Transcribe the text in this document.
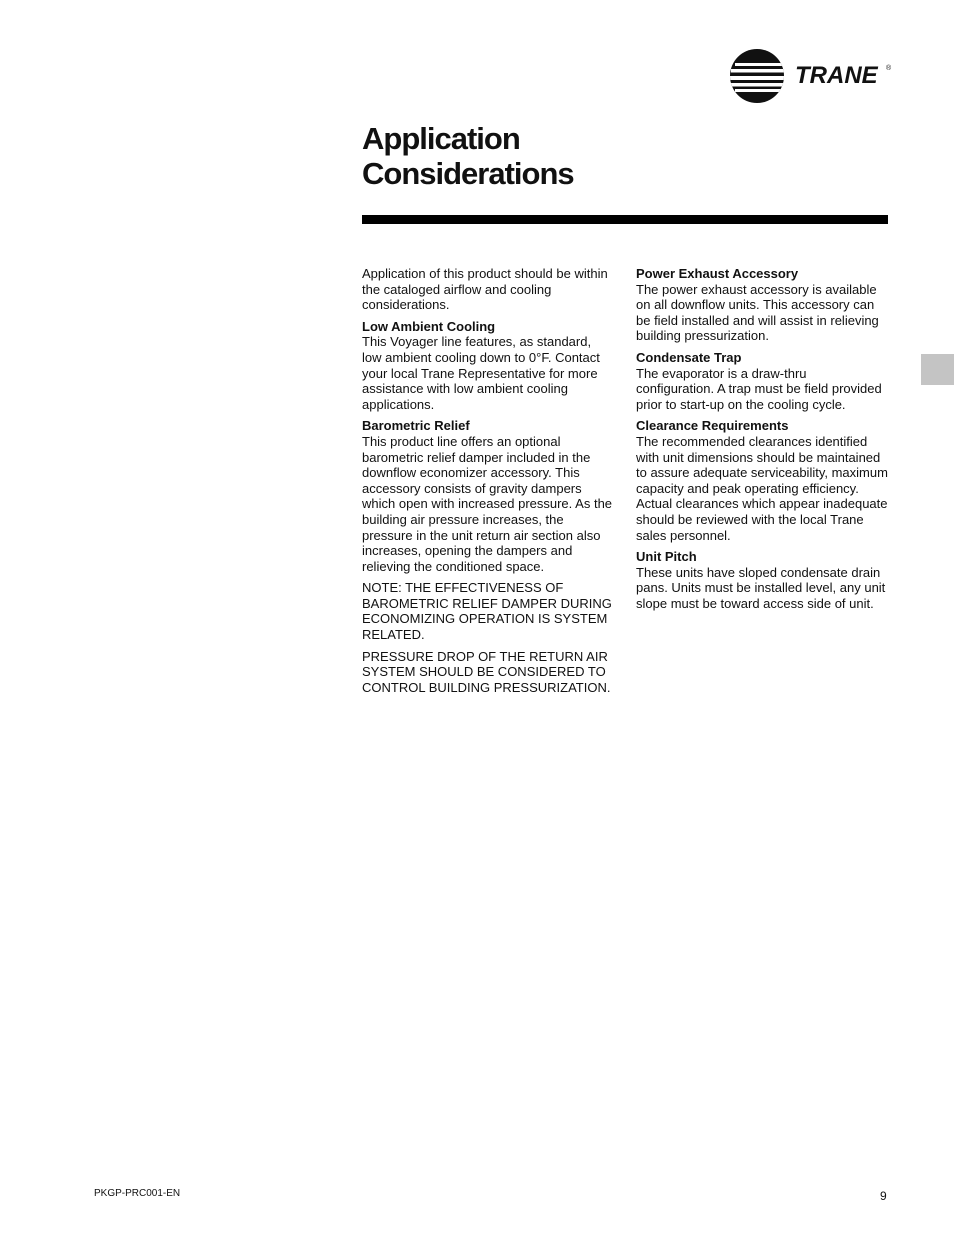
TRANE ®
Application
Considerations

Application of this product should be within the cataloged airflow and cooling considerations.

Low Ambient Cooling

This Voyager line features, as standard, low ambient cooling down to 0°F. Contact your local Trane Representative for more assistance with low ambient cooling applications.

Barometric Relief

This product line offers an optional barometric relief damper included in the downflow economizer accessory. This accessory consists of gravity dampers which open with increased pressure. As the building air pressure increases, the pressure in the unit return air section also increases, opening the dampers and relieving the conditioned space.

NOTE: THE EFFECTIVENESS OF BAROMETRIC RELIEF DAMPER DURING ECONOMIZING OPERATION IS SYSTEM RELATED.

PRESSURE DROP OF THE RETURN AIR SYSTEM SHOULD BE CONSIDERED TO CONTROL BUILDING PRESSURIZATION.

Power Exhaust Accessory

The power exhaust accessory is available on all downflow units. This accessory can be field installed and will assist in relieving building pressurization.

Condensate Trap

The evaporator is a draw-thru configuration. A trap must be field provided prior to start-up on the cooling cycle.

Clearance Requirements

The recommended clearances identified with unit dimensions should be maintained to assure adequate serviceability, maximum capacity and peak operating efficiency. Actual clearances which appear inadequate should be reviewed with the local Trane sales personnel.

Unit Pitch

These units have sloped condensate drain pans. Units must be installed level, any unit slope must be toward access side of unit.

PKGP-PRC001-EN	9
